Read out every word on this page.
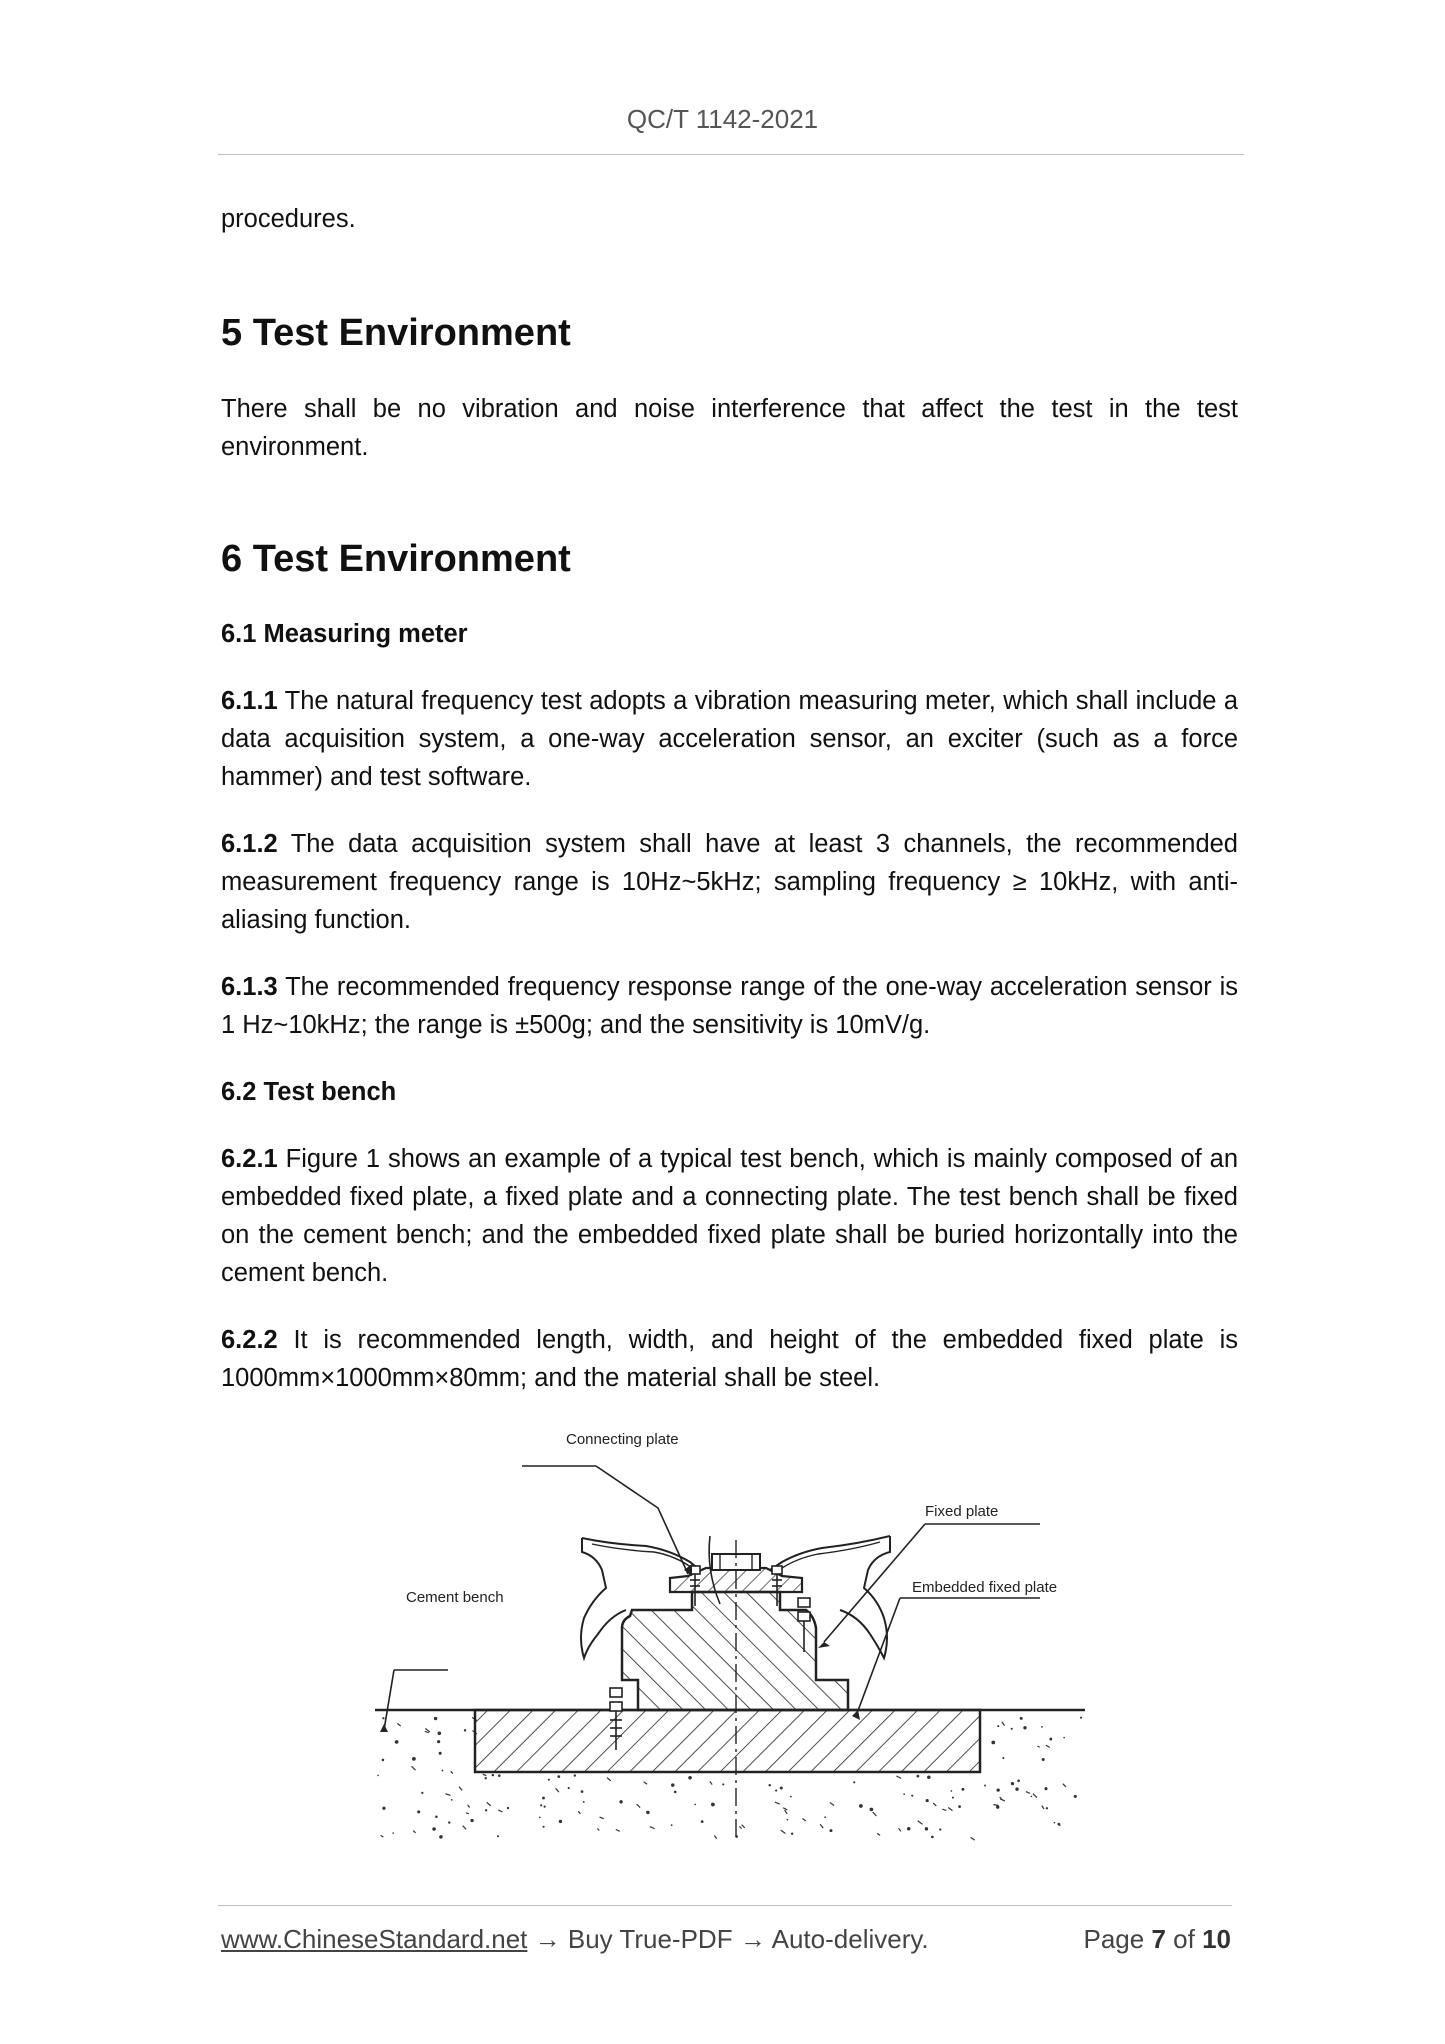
QC/T 1142-2021

procedures.

5 Test Environment

There shall be no vibration and noise interference that affect the test in the test environment.

6 Test Environment
6.1 Measuring meter

6.1.1 The natural frequency test adopts a vibration measuring meter, which shall include a data acquisition system, a one-way acceleration sensor, an exciter (such as a force hammer) and test software.

6.1.2 The data acquisition system shall have at least 3 channels, the recommended measurement frequency range is 10Hz~5kHz; sampling frequency ≥ 10kHz, with anti-aliasing function.

6.1.3 The recommended frequency response range of the one-way acceleration sensor is 1 Hz~10kHz; the range is ±500g; and the sensitivity is 10mV/g.

6.2 Test bench

6.2.1 Figure 1 shows an example of a typical test bench, which is mainly composed of an embedded fixed plate, a fixed plate and a connecting plate. The test bench shall be fixed on the cement bench; and the embedded fixed plate shall be buried horizontally into the cement bench.

6.2.2 It is recommended length, width, and height of the embedded fixed plate is 1000mm×1000mm×80mm; and the material shall be steel.

Connecting plate
Fixed plate
Embedded fixed plate
Cement bench
www.ChineseStandard.net → Buy True-PDF → Auto-delivery.	Page 7 of 10
